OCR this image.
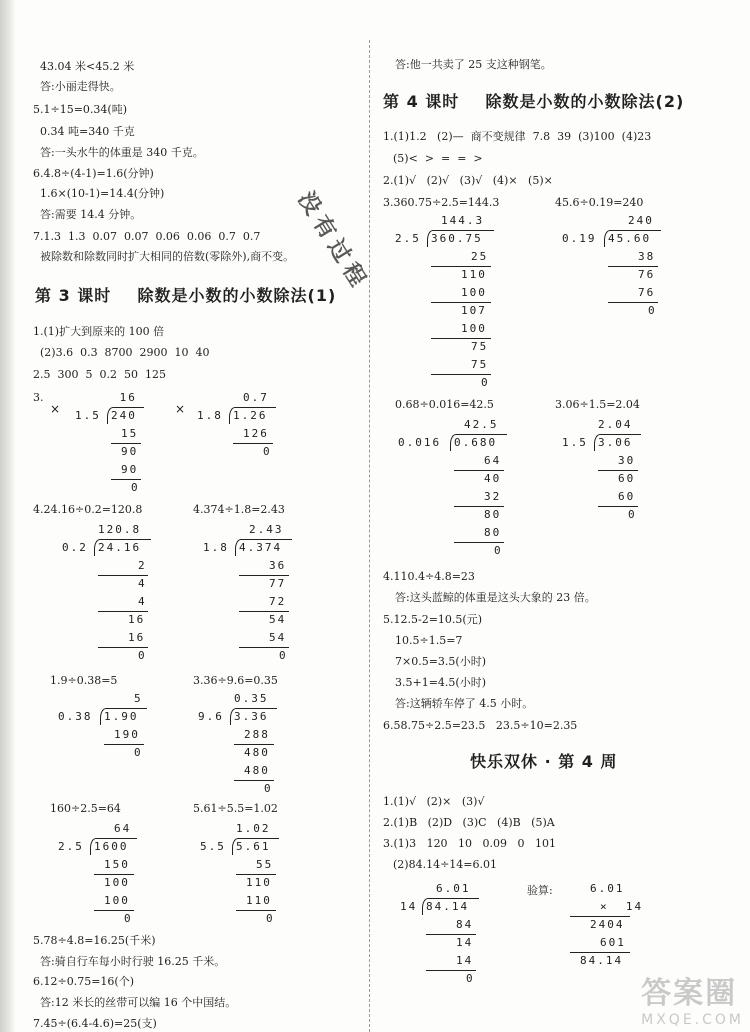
43.04 米<45.2 米
答:小丽走得快。
5.1÷15=0.34(吨)
0.34 吨=340 千克
答:一头水牛的体重是 340 千克。
6.4.8÷(4-1)=1.6(分钟)
1.6×(10-1)=14.4(分钟)
答:需要 14.4 分钟。
7.1.3  1.3  0.07  0.07  0.06  0.06  0.7  0.7
被除数和除数同时扩大相同的倍数(零除外),商不变。
第 3 课时    除数是小数的小数除法(1)
1.(1)扩大到原来的 100 倍
(2)3.6  0.3  8700  2900  10  40
2.5  300  5  0.2  50  125
3.
×	×
4.24.16÷0.2=120.8	4.374÷1.8=2.43
1.9÷0.38=5	3.36÷9.6=0.35
160÷2.5=64	5.61÷5.5=1.02
5.78÷4.8=16.25(千米)
答:骑自行车每小时行驶 16.25 千米。
6.12÷0.75=16(个)
答:12 米长的丝带可以编 16 个中国结。
7.45÷(6.4-4.6)=25(支)
答:他一共卖了 25 支这种钢笔。
第 4 课时    除数是小数的小数除法(2)
1.(1)1.2   (2)—  商不变规律  7.8  39  (3)100  (4)23
(5)<  >  =  =  >
2.(1)√   (2)√   (3)√   (4)×   (5)×
3.360.75÷2.5=144.3	45.6÷0.19=240
0.68÷0.016=42.5	3.06÷1.5=2.04
4.110.4÷4.8=23
答:这头蓝鲸的体重是这头大象的 23 倍。
5.12.5-2=10.5(元)
10.5÷1.5=7
7×0.5=3.5(小时)
3.5+1=4.5(小时)
答:这辆轿车停了 4.5 小时。
6.58.75÷2.5=23.5   23.5÷10=2.35
快乐双休 · 第 4 周
1.(1)√   (2)×   (3)√
2.(1)B   (2)D   (3)C   (4)B   (5)A
3.(1)3   120   10   0.09   0   101
(2)84.14÷14=6.01
验算:
16
1.5 240
15
90
90
0
0.7
1.8 1.26
126
0
120.8
0.2 24.16
2
4
4
16
16
0
2.43
1.8 4.374
36
77
72
54
54
0
5
0.38 1.90
190
0
0.35
9.6 3.36
288
480
480
0
64
2.5 1600
150
100
100
0
1.02
5.5 5.61
55
110
110
0
144.3
2.5 360.75
25
110
100
107
100
75
75
0
240
0.19 45.60
38
76
76
0
42.5
0.016 0.680
64
40
32
80
80
0
2.04
1.5 3.06
30
60
60
0
6.01
14 84.14
84
14
14
0
6.01
×  14
2404
601
84.14
没有过程
答案圈
MXQE.COM
